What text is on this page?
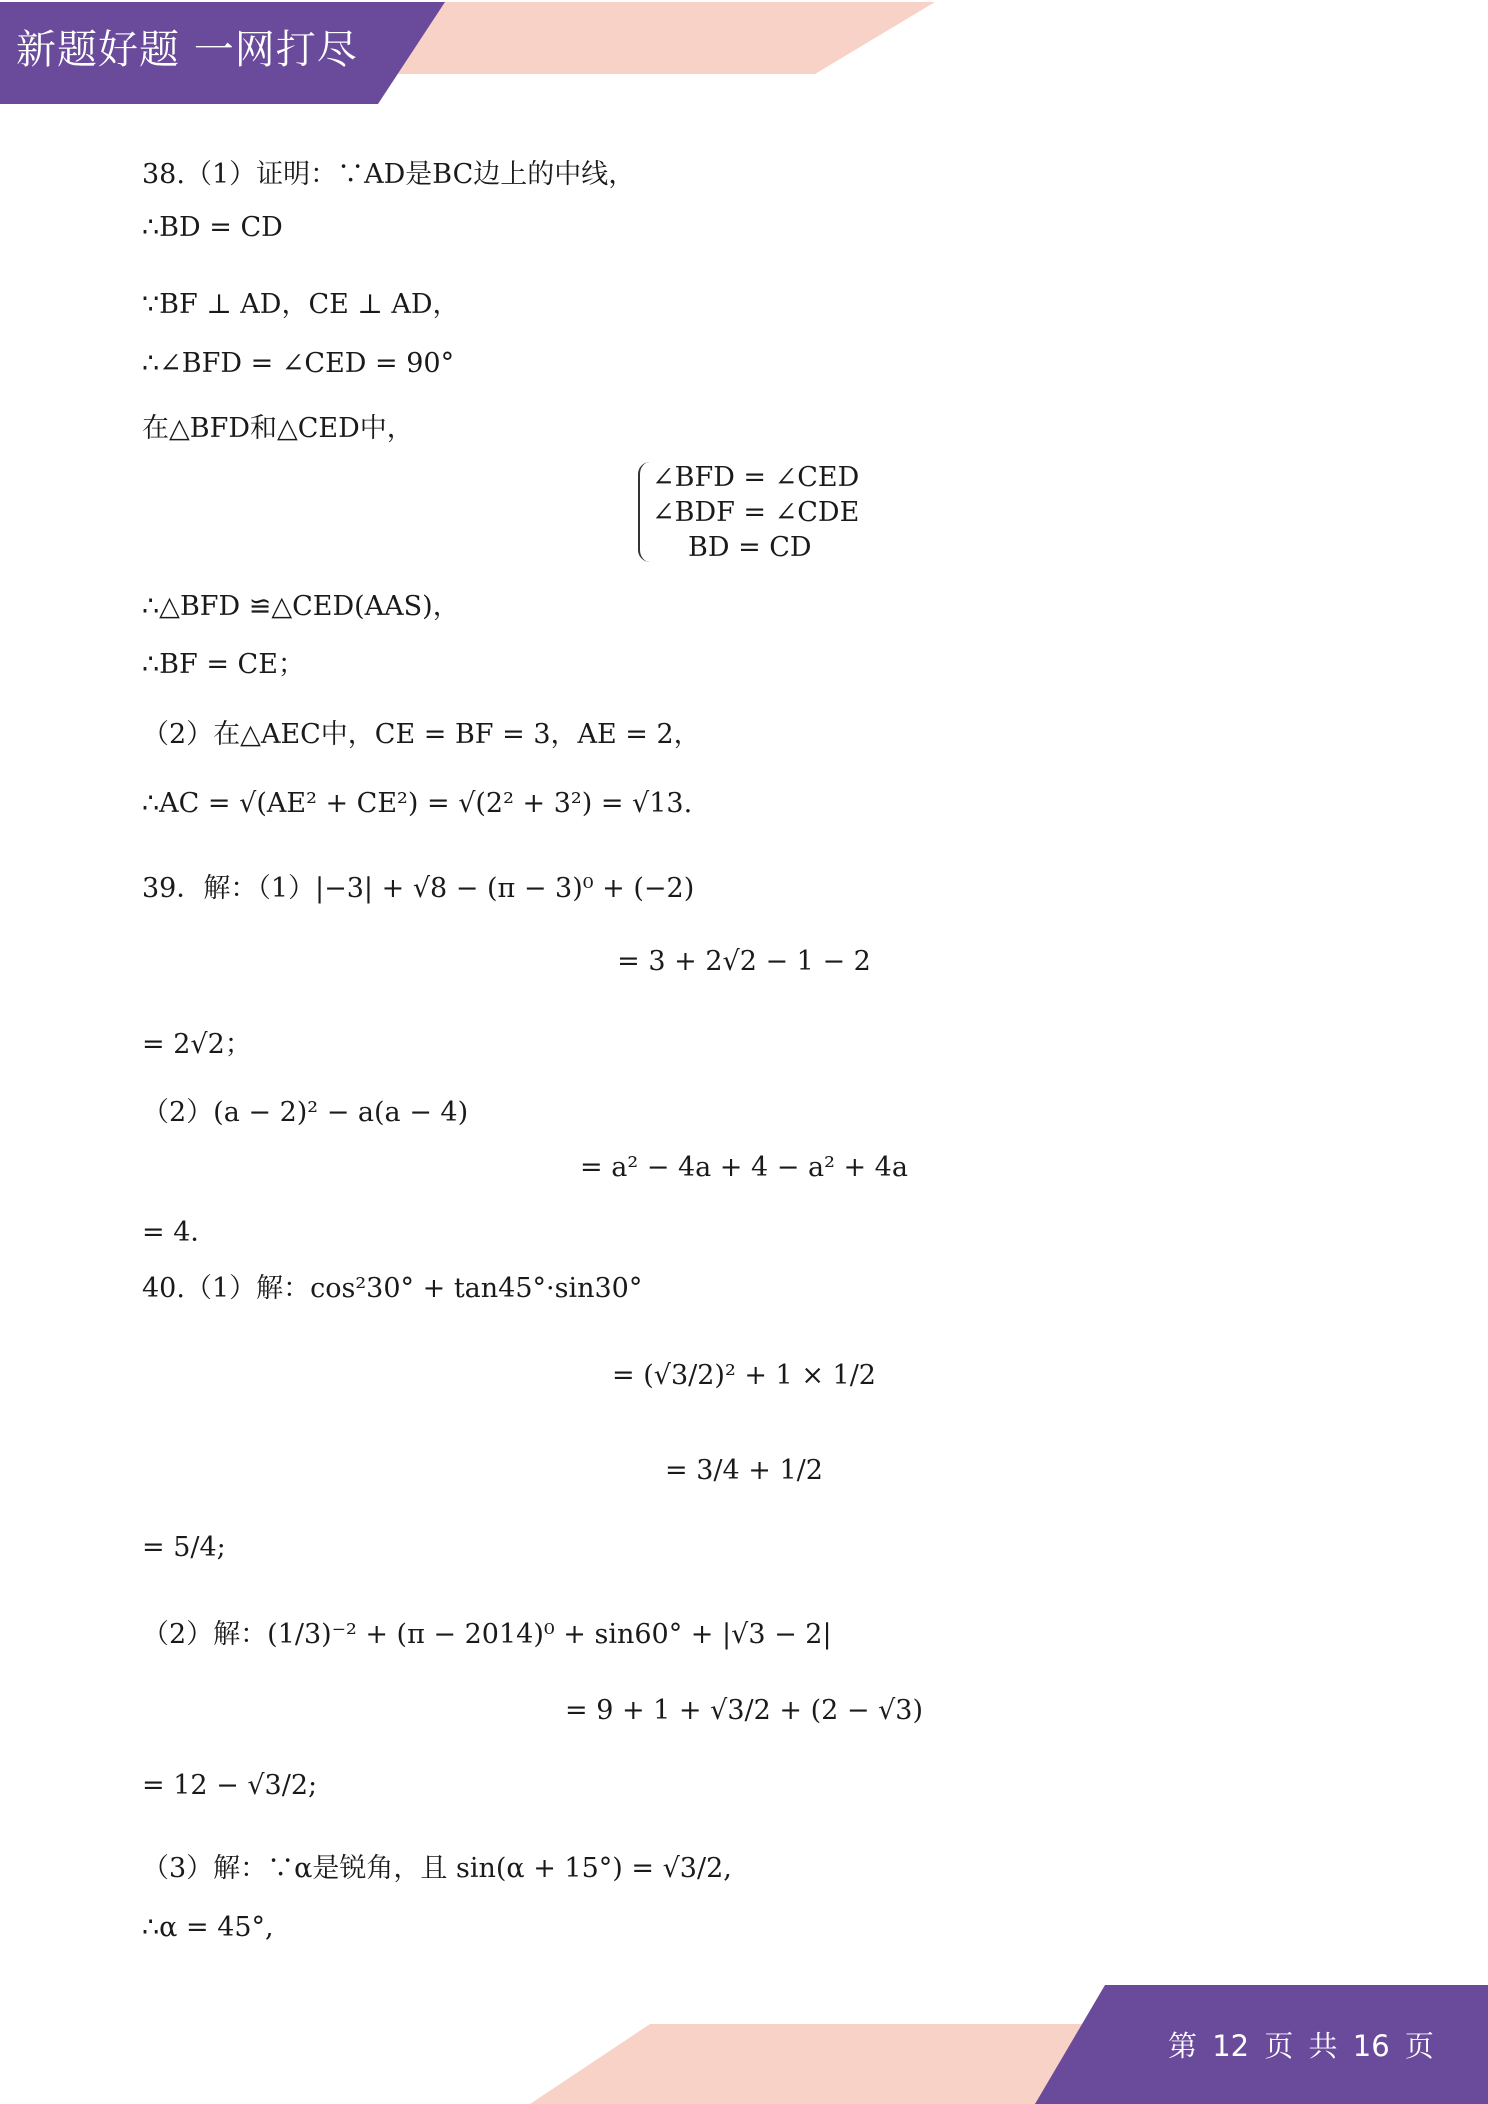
新题好题 一网打尽
38.（1）证明：∵AD是BC边上的中线，
∴BD = CD
∵BF ⊥ AD，CE ⊥ AD，
∴∠BFD = ∠CED = 90°
在△BFD和△CED中，
∠BFD = ∠CED
∠BDF = ∠CDE
BD = CD
∴△BFD ≌△CED(AAS)，
∴BF = CE；
（2）在△AEC中，CE = BF = 3，AE = 2，
∴AC = √(AE² + CE²) = √(2² + 3²) = √13.
39．解：（1）|−3| + √8 − (π − 3)⁰ + (−2)
= 3 + 2√2 − 1 − 2
= 2√2；
（2）(a − 2)² − a(a − 4)
= a² − 4a + 4 − a² + 4a
= 4．
40.（1）解：cos²30° + tan45°·sin30°
= (√3/2)² + 1 × 1/2
= 3/4 + 1/2
= 5/4;
（2）解：(1/3)⁻² + (π − 2014)⁰ + sin60° + |√3 − 2|
= 9 + 1 + √3/2 + (2 − √3)
= 12 − √3/2;
（3）解：∵α是锐角，且 sin(α + 15°) = √3/2,
∴α = 45°,
第 12 页 共 16 页
